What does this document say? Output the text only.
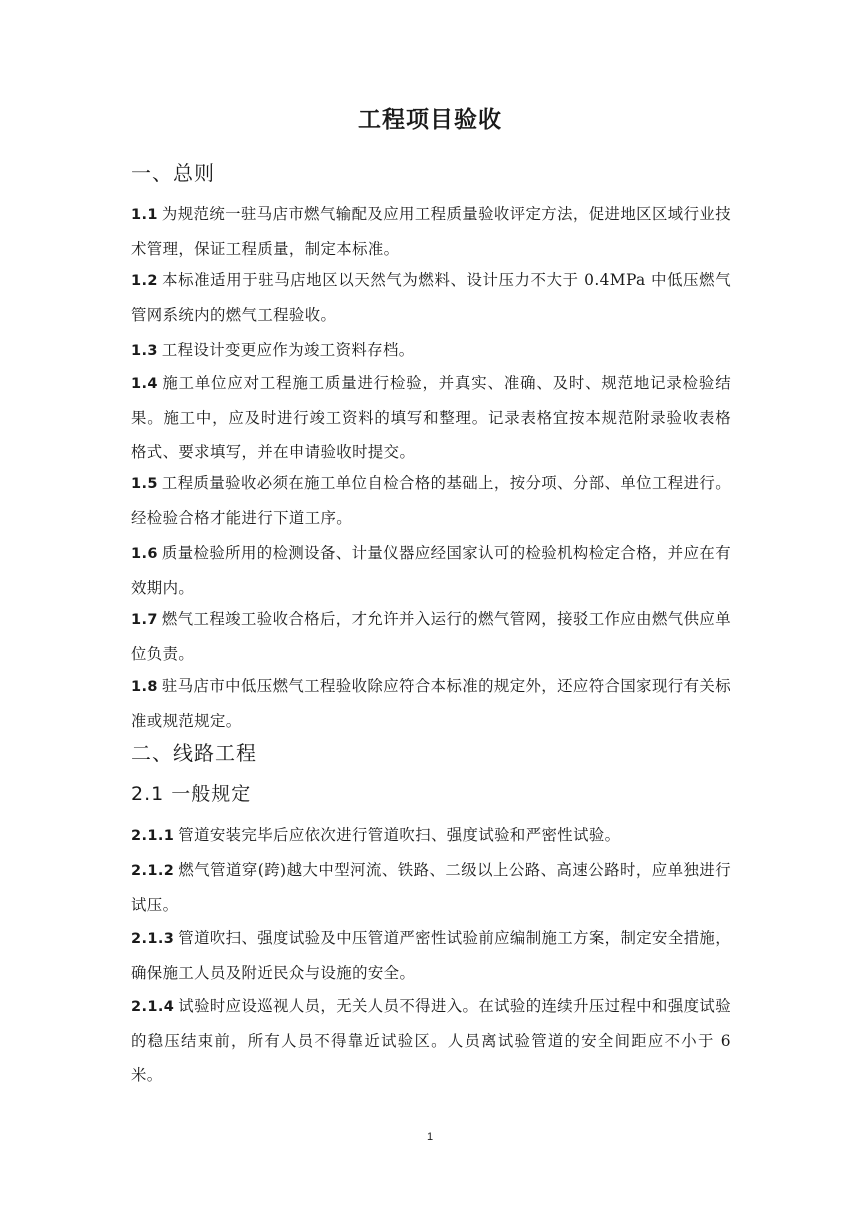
工程项目验收
一、总则
1.1 为规范统一驻马店市燃气输配及应用工程质量验收评定方法，促进地区区域行业技术管理，保证工程质量，制定本标准。
1.2 本标准适用于驻马店地区以天然气为燃料、设计压力不大于 0.4MPa 中低压燃气管网系统内的燃气工程验收。
1.3 工程设计变更应作为竣工资料存档。
1.4 施工单位应对工程施工质量进行检验，并真实、准确、及时、规范地记录检验结果。施工中，应及时进行竣工资料的填写和整理。记录表格宜按本规范附录验收表格格式、要求填写，并在申请验收时提交。
1.5 工程质量验收必须在施工单位自检合格的基础上，按分项、分部、单位工程进行。经检验合格才能进行下道工序。
1.6 质量检验所用的检测设备、计量仪器应经国家认可的检验机构检定合格，并应在有效期内。
1.7 燃气工程竣工验收合格后，才允许并入运行的燃气管网，接驳工作应由燃气供应单位负责。
1.8 驻马店市中低压燃气工程验收除应符合本标准的规定外，还应符合国家现行有关标准或规范规定。
二、线路工程
2.1 一般规定
2.1.1 管道安装完毕后应依次进行管道吹扫、强度试验和严密性试验。
2.1.2 燃气管道穿(跨)越大中型河流、铁路、二级以上公路、高速公路时，应单独进行试压。
2.1.3 管道吹扫、强度试验及中压管道严密性试验前应编制施工方案，制定安全措施，确保施工人员及附近民众与设施的安全。
2.1.4 试验时应设巡视人员，无关人员不得进入。在试验的连续升压过程中和强度试验的稳压结束前，所有人员不得靠近试验区。人员离试验管道的安全间距应不小于 6 米。
1
